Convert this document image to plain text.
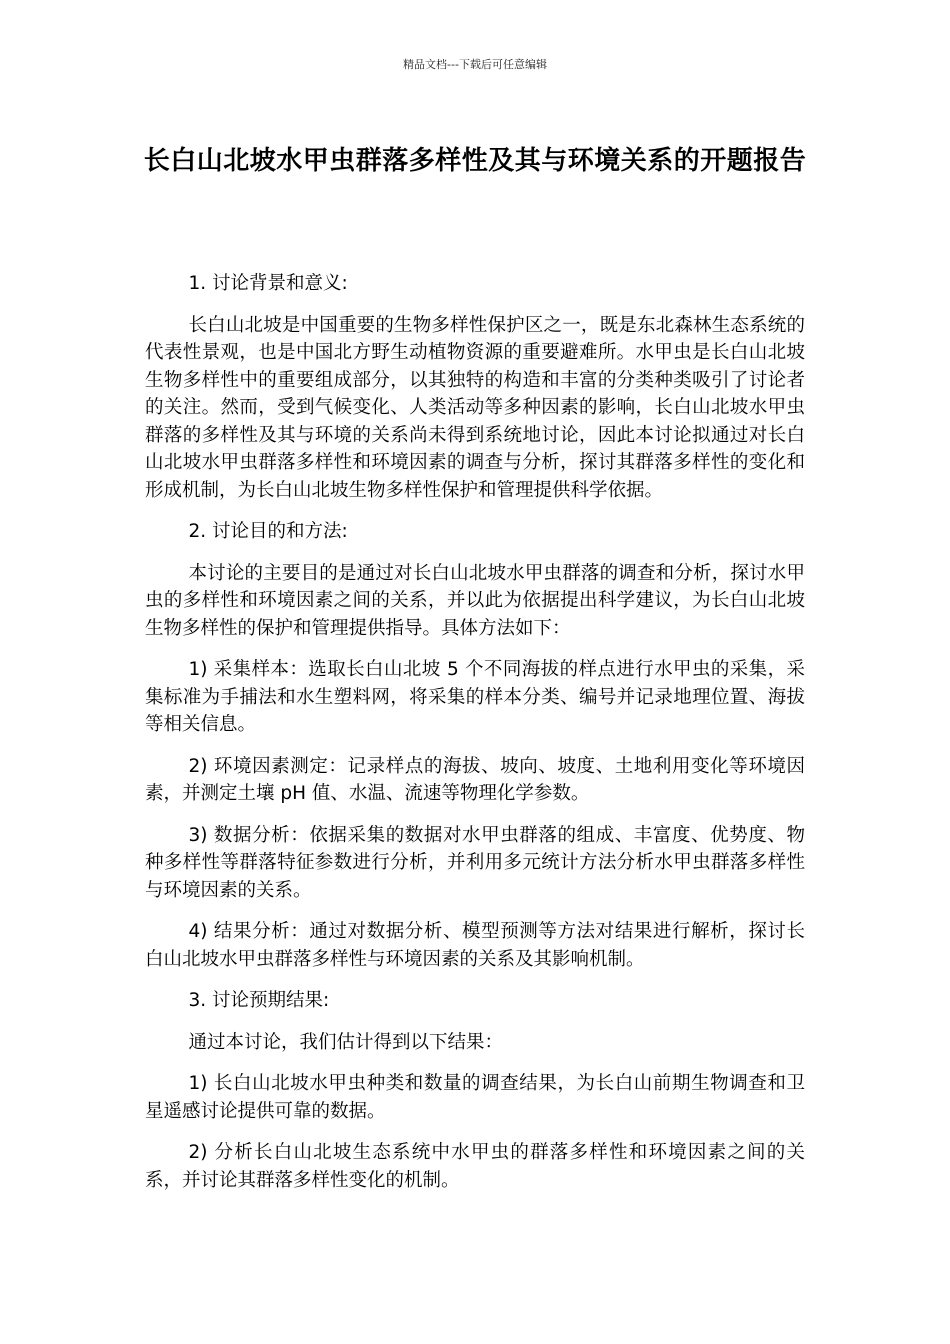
精品文档---下载后可任意编辑
长白山北坡水甲虫群落多样性及其与环境关系的开题报告

1. 讨论背景和意义:

长白山北坡是中国重要的生物多样性保护区之一，既是东北森林生态系统的代表性景观，也是中国北方野生动植物资源的重要避难所。水甲虫是长白山北坡生物多样性中的重要组成部分，以其独特的构造和丰富的分类种类吸引了讨论者的关注。然而，受到气候变化、人类活动等多种因素的影响，长白山北坡水甲虫群落的多样性及其与环境的关系尚未得到系统地讨论，因此本讨论拟通过对长白山北坡水甲虫群落多样性和环境因素的调查与分析，探讨其群落多样性的变化和形成机制，为长白山北坡生物多样性保护和管理提供科学依据。

2. 讨论目的和方法:

本讨论的主要目的是通过对长白山北坡水甲虫群落的调查和分析，探讨水甲虫的多样性和环境因素之间的关系，并以此为依据提出科学建议，为长白山北坡生物多样性的保护和管理提供指导。具体方法如下：

1) 采集样本：选取长白山北坡 5 个不同海拔的样点进行水甲虫的采集，采集标准为手捕法和水生塑料网，将采集的样本分类、编号并记录地理位置、海拔等相关信息。

2) 环境因素测定：记录样点的海拔、坡向、坡度、土地利用变化等环境因素，并测定土壤 pH 值、水温、流速等物理化学参数。

3) 数据分析：依据采集的数据对水甲虫群落的组成、丰富度、优势度、物种多样性等群落特征参数进行分析，并利用多元统计方法分析水甲虫群落多样性与环境因素的关系。

4) 结果分析：通过对数据分析、模型预测等方法对结果进行解析，探讨长白山北坡水甲虫群落多样性与环境因素的关系及其影响机制。

3. 讨论预期结果:

通过本讨论，我们估计得到以下结果：

1) 长白山北坡水甲虫种类和数量的调查结果，为长白山前期生物调查和卫星遥感讨论提供可靠的数据。

2) 分析长白山北坡生态系统中水甲虫的群落多样性和环境因素之间的关系，并讨论其群落多样性变化的机制。
